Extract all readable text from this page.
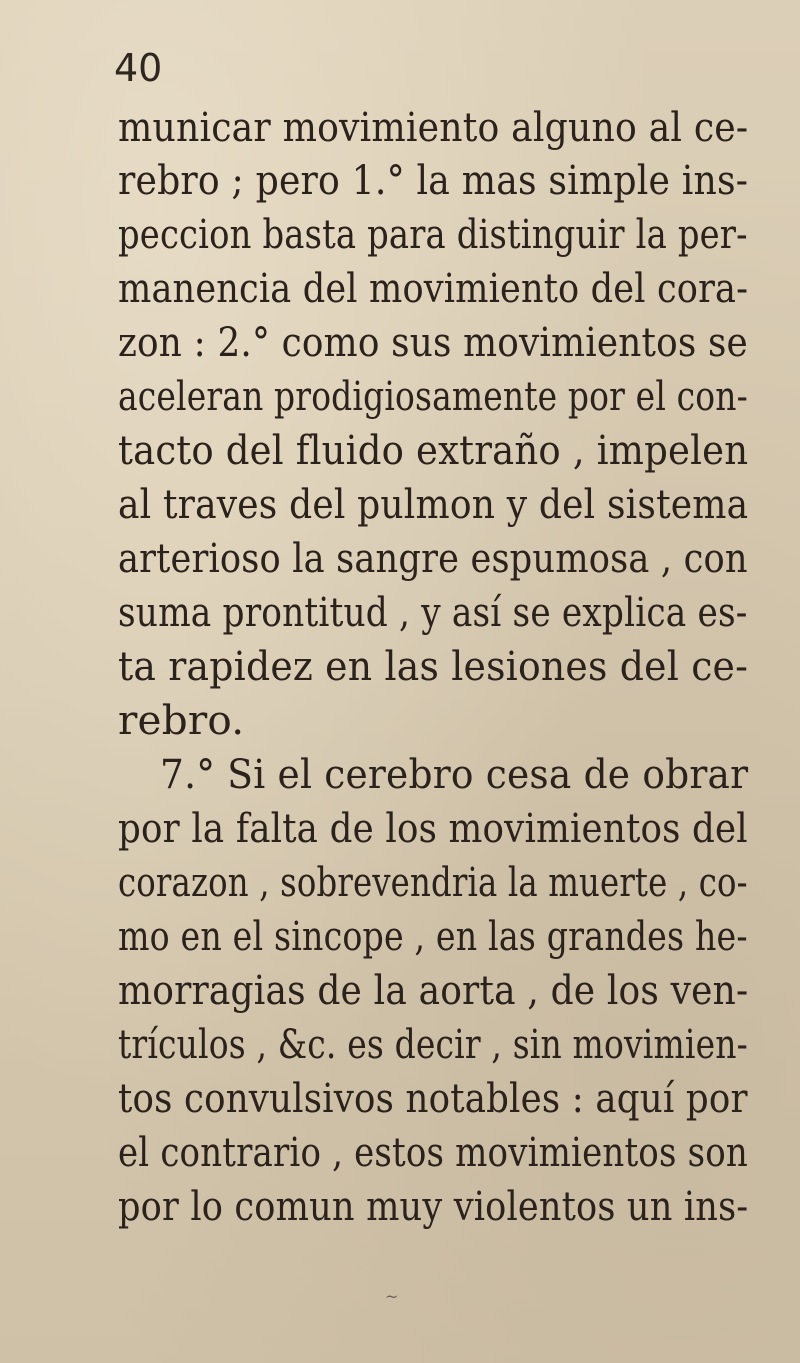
40
municar movimiento alguno al ce-
rebro ; pero 1.° la mas simple ins-
peccion basta para distinguir la per-
manencia del movimiento del cora-
zon : 2.° como sus movimientos se
aceleran prodigiosamente por el con-
tacto del fluido extraño , impelen
al traves del pulmon y del sistema
arterioso la sangre espumosa , con
suma prontitud , y así se explica es-
ta rapidez en las lesiones del ce-
rebro.
7.° Si el cerebro cesa de obrar
por la falta de los movimientos del
corazon , sobrevendria la muerte , co-
mo en el sincope , en las grandes he-
morragias de la aorta , de los ven-
trículos , &c. es decir , sin movimien-
tos convulsivos notables : aquí por
el contrario , estos movimientos son
por lo comun muy violentos un ins-
~
